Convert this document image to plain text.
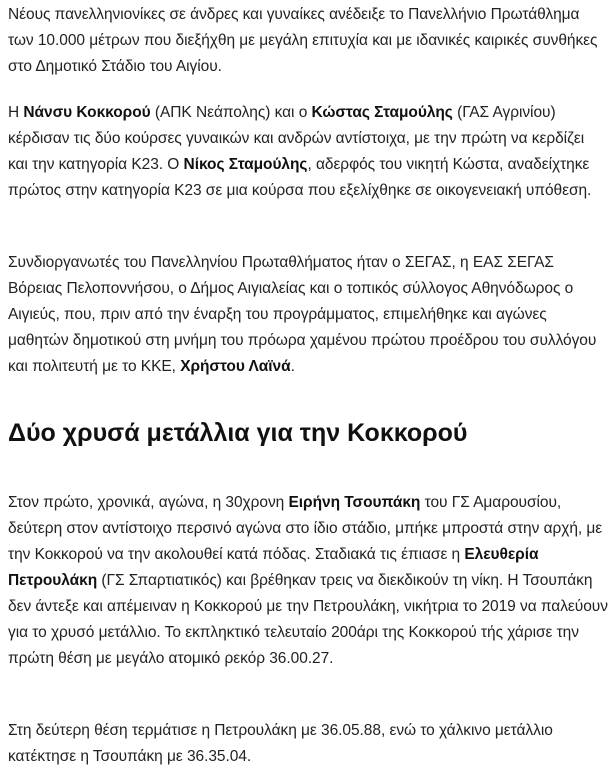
Νέους πανελληνιονίκες σε άνδρες και γυναίκες ανέδειξε το Πανελλήνιο Πρωτάθλημα των 10.000 μέτρων που διεξήχθη με μεγάλη επιτυχία και με ιδανικές καιρικές συνθήκες στο Δημοτικό Στάδιο του Αιγίου.

Η Νάνσυ Κοκκορού (ΑΠΚ Νεάπολης) και ο Κώστας Σταμούλης (ΓΑΣ Αγρινίου) κέρδισαν τις δύο κούρσες γυναικών και ανδρών αντίστοιχα, με την πρώτη να κερδίζει και την κατηγορία Κ23. Ο Νίκος Σταμούλης, αδερφός του νικητή Κώστα, αναδείχτηκε πρώτος στην κατηγορία Κ23 σε μια κούρσα που εξελίχθηκε σε οικογενειακή υπόθεση.

Συνδιοργανωτές του Πανελληνίου Πρωταθλήματος ήταν ο ΣΕΓΑΣ, η ΕΑΣ ΣΕΓΑΣ Βόρειας Πελοποννήσου, ο Δήμος Αιγιαλείας και ο τοπικός σύλλογος Αθηνόδωρος ο Αιγιεύς, που, πριν από την έναρξη του προγράμματος, επιμελήθηκε και αγώνες μαθητών δημοτικού στη μνήμη του πρόωρα χαμένου πρώτου προέδρου του συλλόγου και πολιτευτή με το ΚΚΕ, Χρήστου Λαϊνά.

Δύο χρυσά μετάλλια για την Κοκκορού

Στον πρώτο, χρονικά, αγώνα, η 30χρονη Ειρήνη Τσουπάκη του ΓΣ Αμαρουσίου, δεύτερη στον αντίστοιχο περσινό αγώνα στο ίδιο στάδιο, μπήκε μπροστά στην αρχή, με την Κοκκορού να την ακολουθεί κατά πόδας. Σταδιακά τις έπιασε η Ελευθερία Πετρουλάκη (ΓΣ Σπαρτιατικός) και βρέθηκαν τρεις να διεκδικούν τη νίκη. Η Τσουπάκη δεν άντεξε και απέμειναν η Κοκκορού με την Πετρουλάκη, νικήτρια το 2019 να παλεύουν για το χρυσό μετάλλιο. Το εκπληκτικό τελευταίο 200άρι της Κοκκορού τής χάρισε την πρώτη θέση με μεγάλο ατομικό ρεκόρ 36.00.27.

Στη δεύτερη θέση τερμάτισε η Πετρουλάκη με 36.05.88, ενώ το χάλκινο μετάλλιο κατέκτησε η Τσουπάκη με 36.35.04.
